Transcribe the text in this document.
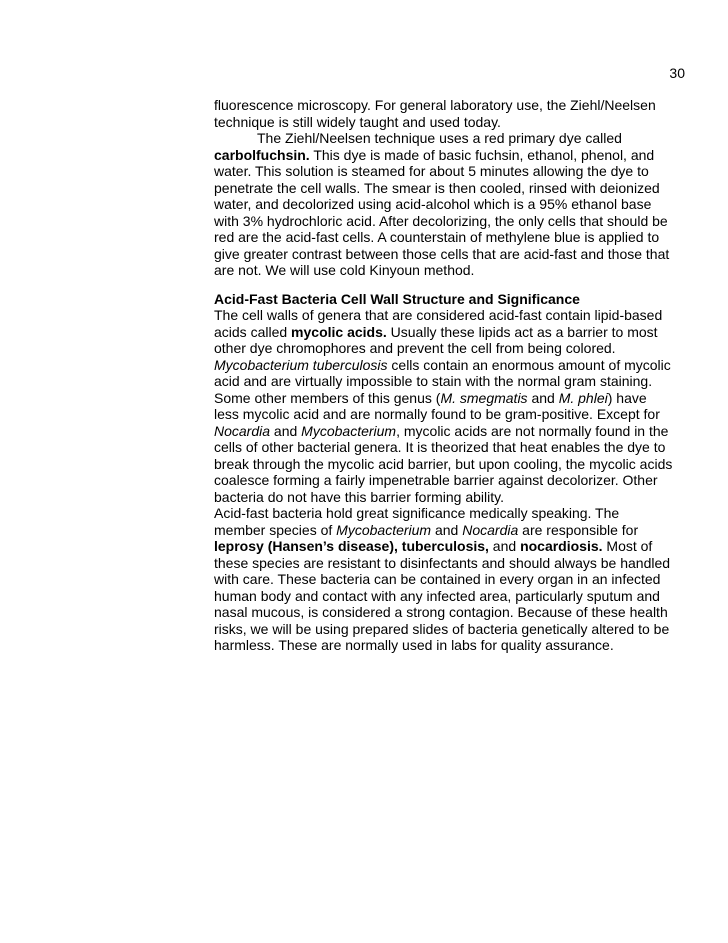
30
fluorescence microscopy. For general laboratory use, the Ziehl/Neelsen
technique is still widely taught and used today.
The Ziehl/Neelsen technique uses a red primary dye called
carbolfuchsin. This dye is made of basic fuchsin, ethanol, phenol, and
water. This solution is steamed for about 5 minutes allowing the dye to
penetrate the cell walls. The smear is then cooled, rinsed with deionized
water, and decolorized using acid-alcohol which is a 95% ethanol base
with 3% hydrochloric acid. After decolorizing, the only cells that should be
red are the acid-fast cells. A counterstain of methylene blue is applied to
give greater contrast between those cells that are acid-fast and those that
are not. We will use cold Kinyoun method.
Acid-Fast Bacteria Cell Wall Structure and Significance
The cell walls of genera that are considered acid-fast contain lipid-based
acids called mycolic acids. Usually these lipids act as a barrier to most
other dye chromophores and prevent the cell from being colored.
Mycobacterium tuberculosis cells contain an enormous amount of mycolic
acid and are virtually impossible to stain with the normal gram staining.
Some other members of this genus (M. smegmatis and M. phlei) have
less mycolic acid and are normally found to be gram-positive. Except for
Nocardia and Mycobacterium, mycolic acids are not normally found in the
cells of other bacterial genera. It is theorized that heat enables the dye to
break through the mycolic acid barrier, but upon cooling, the mycolic acids
coalesce forming a fairly impenetrable barrier against decolorizer. Other
bacteria do not have this barrier forming ability.
Acid-fast bacteria hold great significance medically speaking. The
member species of Mycobacterium and Nocardia are responsible for
leprosy (Hansen’s disease), tuberculosis, and nocardiosis. Most of
these species are resistant to disinfectants and should always be handled
with care. These bacteria can be contained in every organ in an infected
human body and contact with any infected area, particularly sputum and
nasal mucous, is considered a strong contagion. Because of these health
risks, we will be using prepared slides of bacteria genetically altered to be
harmless. These are normally used in labs for quality assurance.
